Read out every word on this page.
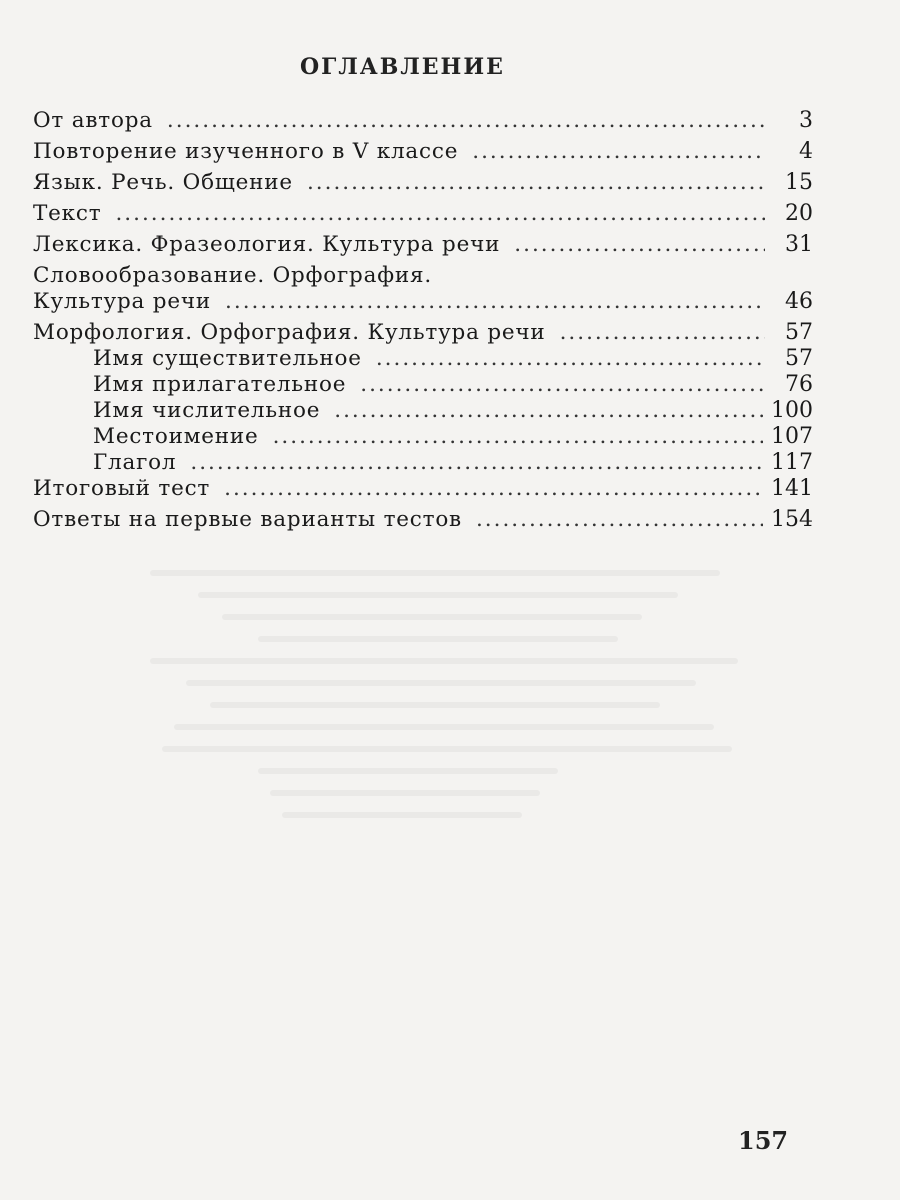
ОГЛАВЛЕНИЕ
От автора .....	3
Повторение изученного в V классе .....	4
Язык. Речь. Общение .....	15
Текст .....	20
Лексика. Фразеология. Культура речи .....	31
Словообразование. Орфография.
Культура речи .....	46
Морфология. Орфография. Культура речи .....	57
Имя существительное .....	57
Имя прилагательное .....	76
Имя числительное .....	100
Местоимение .....	107
Глагол .....	117
Итоговый тест .....	141
Ответы на первые варианты тестов .....	154
157
